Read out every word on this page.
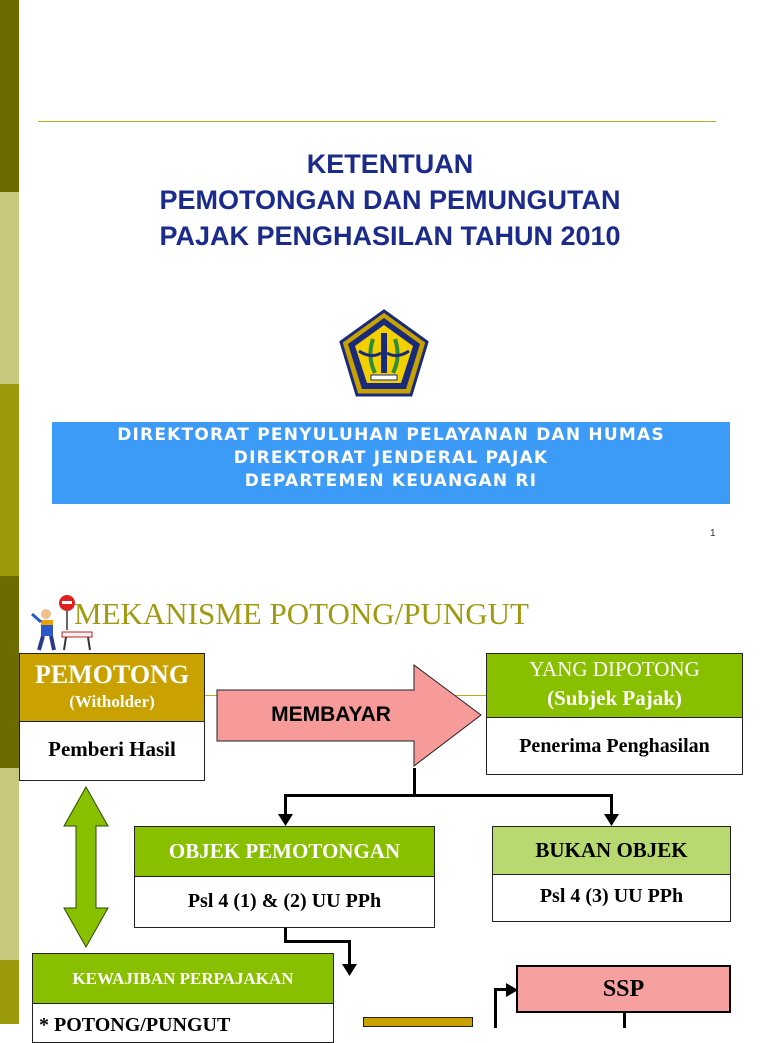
KETENTUAN
PEMOTONGAN DAN PEMUNGUTAN
PAJAK PENGHASILAN TAHUN 2010
DIREKTORAT PENYULUHAN PELAYANAN DAN HUMAS
DIREKTORAT JENDERAL PAJAK
DEPARTEMEN KEUANGAN RI
1
MEKANISME POTONG/PUNGUT
PEMOTONG
(Witholder)
Pemberi Hasil
MEMBAYAR
YANG DIPOTONG
(Subjek Pajak)
Penerima Penghasilan
OBJEK PEMOTONGAN
Psl 4 (1) & (2) UU PPh
BUKAN OBJEK
Psl 4 (3) UU PPh
KEWAJIBAN PERPAJAKAN
* POTONG/PUNGUT
SSP
